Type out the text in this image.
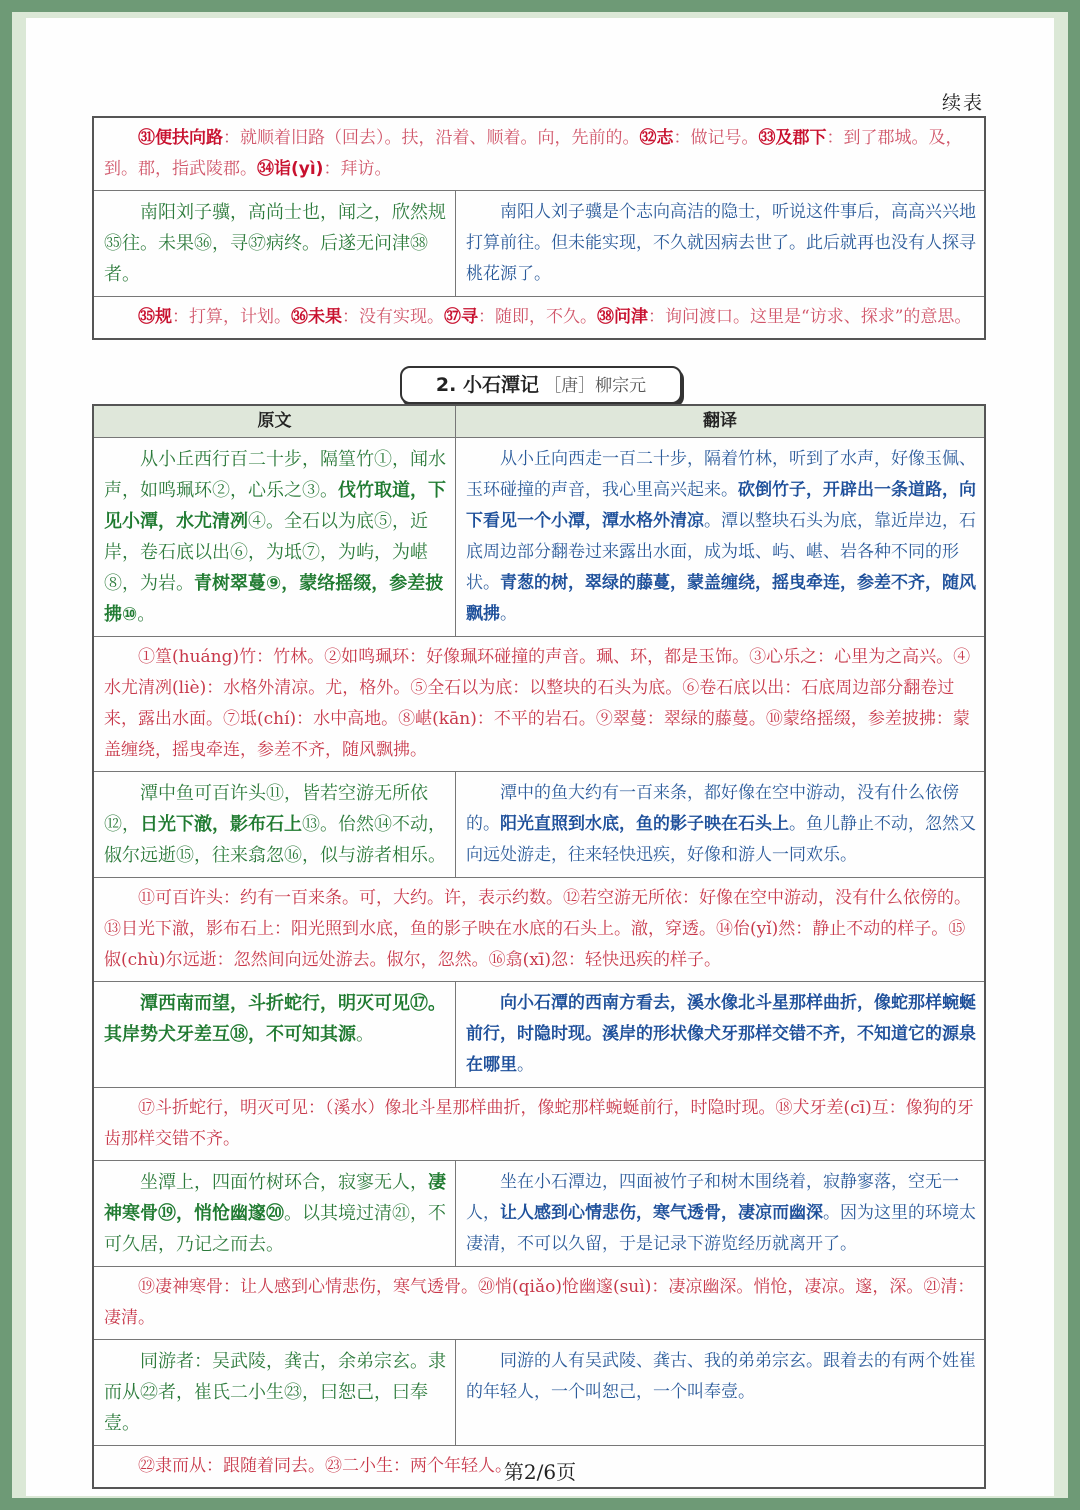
续表
㉛便扶向路：就顺着旧路（回去）。扶，沿着、顺着。向，先前的。㉜志：做记号。㉝及郡下：到了郡城。及，到。郡，指武陵郡。㉞诣(yì)：拜访。
南阳刘子骥，高尚士也，闻之，欣然规㉟往。未果㊱，寻㊲病终。后遂无问津㊳者。
南阳人刘子骥是个志向高洁的隐士，听说这件事后，高高兴兴地打算前往。但未能实现，不久就因病去世了。此后就再也没有人探寻桃花源了。
㉟规：打算，计划。㊱未果：没有实现。㊲寻：随即，不久。㊳问津：询问渡口。这里是“访求、探求”的意思。
2. 小石潭记 ［唐］柳宗元
原文	翻译
从小丘西行百二十步，隔篁竹①，闻水声，如鸣珮环②，心乐之③。伐竹取道，下见小潭，水尤清冽④。全石以为底⑤，近岸，卷石底以出⑥，为坻⑦，为屿，为嵁⑧，为岩。青树翠蔓⑨，蒙络摇缀，参差披拂⑩。
从小丘向西走一百二十步，隔着竹林，听到了水声，好像玉佩、玉环碰撞的声音，我心里高兴起来。砍倒竹子，开辟出一条道路，向下看见一个小潭，潭水格外清凉。潭以整块石头为底，靠近岸边，石底周边部分翻卷过来露出水面，成为坻、屿、嵁、岩各种不同的形状。青葱的树，翠绿的藤蔓，蒙盖缠绕，摇曳牵连，参差不齐，随风飘拂。
①篁(huáng)竹：竹林。②如鸣珮环：好像珮环碰撞的声音。珮、环，都是玉饰。③心乐之：心里为之高兴。④水尤清冽(liè)：水格外清凉。尤，格外。⑤全石以为底：以整块的石头为底。⑥卷石底以出：石底周边部分翻卷过来，露出水面。⑦坻(chí)：水中高地。⑧嵁(kān)：不平的岩石。⑨翠蔓：翠绿的藤蔓。⑩蒙络摇缀，参差披拂：蒙盖缠绕，摇曳牵连，参差不齐，随风飘拂。
潭中鱼可百许头⑪，皆若空游无所依⑫，日光下澈，影布石上⑬。佁然⑭不动，俶尔远逝⑮，往来翕忽⑯，似与游者相乐。
潭中的鱼大约有一百来条，都好像在空中游动，没有什么依傍的。阳光直照到水底，鱼的影子映在石头上。鱼儿静止不动，忽然又向远处游走，往来轻快迅疾，好像和游人一同欢乐。
⑪可百许头：约有一百来条。可，大约。许，表示约数。⑫若空游无所依：好像在空中游动，没有什么依傍的。⑬日光下澈，影布石上：阳光照到水底，鱼的影子映在水底的石头上。澈，穿透。⑭佁(yǐ)然：静止不动的样子。⑮俶(chù)尔远逝：忽然间向远处游去。俶尔，忽然。⑯翕(xī)忽：轻快迅疾的样子。
潭西南而望，斗折蛇行，明灭可见⑰。其岸势犬牙差互⑱，不可知其源。
向小石潭的西南方看去，溪水像北斗星那样曲折，像蛇那样蜿蜒前行，时隐时现。溪岸的形状像犬牙那样交错不齐，不知道它的源泉在哪里。
⑰斗折蛇行，明灭可见：（溪水）像北斗星那样曲折，像蛇那样蜿蜒前行，时隐时现。⑱犬牙差(cī)互：像狗的牙齿那样交错不齐。
坐潭上，四面竹树环合，寂寥无人，凄神寒骨⑲，悄怆幽邃⑳。以其境过清㉑，不可久居，乃记之而去。
坐在小石潭边，四面被竹子和树木围绕着，寂静寥落，空无一人，让人感到心情悲伤，寒气透骨，凄凉而幽深。因为这里的环境太凄清，不可以久留，于是记录下游览经历就离开了。
⑲凄神寒骨：让人感到心情悲伤，寒气透骨。⑳悄(qiǎo)怆幽邃(suì)：凄凉幽深。悄怆，凄凉。邃，深。㉑清：凄清。
同游者：吴武陵，龚古，余弟宗玄。隶而从㉒者，崔氏二小生㉓，曰恕己，曰奉壹。
同游的人有吴武陵、龚古、我的弟弟宗玄。跟着去的有两个姓崔的年轻人，一个叫恕己，一个叫奉壹。
㉒隶而从：跟随着同去。㉓二小生：两个年轻人。
第2/6页
